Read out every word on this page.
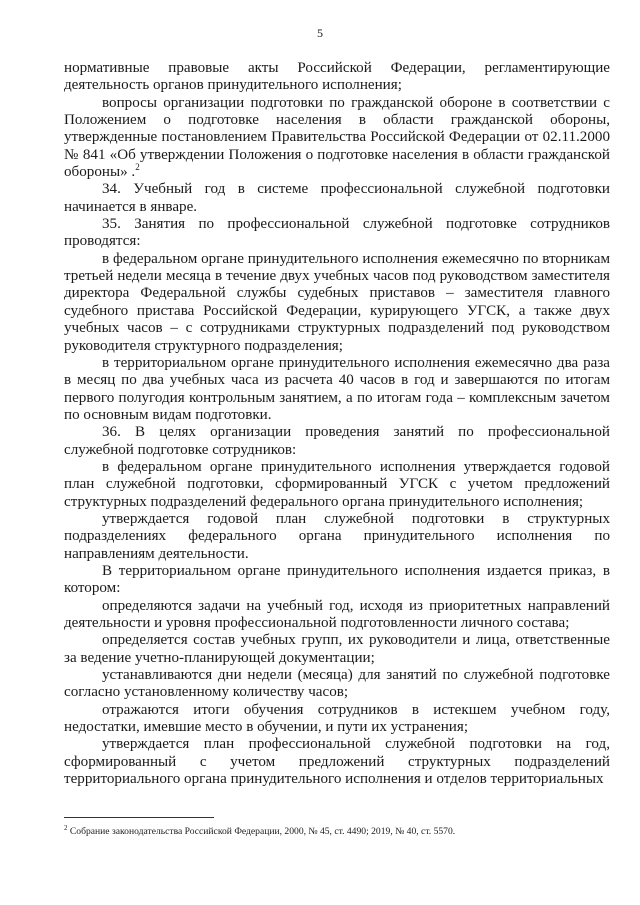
5

нормативные правовые акты Российской Федерации, регламентирующие деятельность органов принудительного исполнения;

вопросы организации подготовки по гражданской обороне в соответствии с Положением о подготовке населения в области гражданской обороны, утвержденные постановлением Правительства Российской Федерации от 02.11.2000 № 841 «Об утверждении Положения о подготовке населения в области гражданской обороны» .$^2$

34. Учебный год в системе профессиональной служебной подготовки начинается в январе.

35. Занятия по профессиональной служебной подготовке сотрудников проводятся:

в федеральном органе принудительного исполнения ежемесячно по вторникам третьей недели месяца в течение двух учебных часов под руководством заместителя директора Федеральной службы судебных приставов – заместителя главного судебного пристава Российской Федерации, курирующего УГСК, а также двух учебных часов – с сотрудниками структурных подразделений под руководством руководителя структурного подразделения;

в территориальном органе принудительного исполнения ежемесячно два раза в месяц по два учебных часа из расчета 40 часов в год и завершаются по итогам первого полугодия контрольным занятием, а по итогам года – комплексным зачетом по основным видам подготовки.

36. В целях организации проведения занятий по профессиональной служебной подготовке сотрудников:

в федеральном органе принудительного исполнения утверждается годовой план служебной подготовки, сформированный УГСК с учетом предложений структурных подразделений федерального органа принудительного исполнения;

утверждается годовой план служебной подготовки в структурных подразделениях федерального органа принудительного исполнения по направлениям деятельности.

В территориальном органе принудительного исполнения издается приказ, в котором:

определяются задачи на учебный год, исходя из приоритетных направлений деятельности и уровня профессиональной подготовленности личного состава;

определяется состав учебных групп, их руководители и лица, ответственные за ведение учетно-планирующей документации;

устанавливаются дни недели (месяца) для занятий по служебной подготовке согласно установленному количеству часов;

отражаются итоги обучения сотрудников в истекшем учебном году, недостатки, имевшие место в обучении, и пути их устранения;

утверждается план профессиональной служебной подготовки на год, сформированный с учетом предложений структурных подразделений территориального органа принудительного исполнения и отделов территориальных

$^2$ Собрание законодательства Российской Федерации, 2000, № 45, ст. 4490; 2019, № 40, ст. 5570.
